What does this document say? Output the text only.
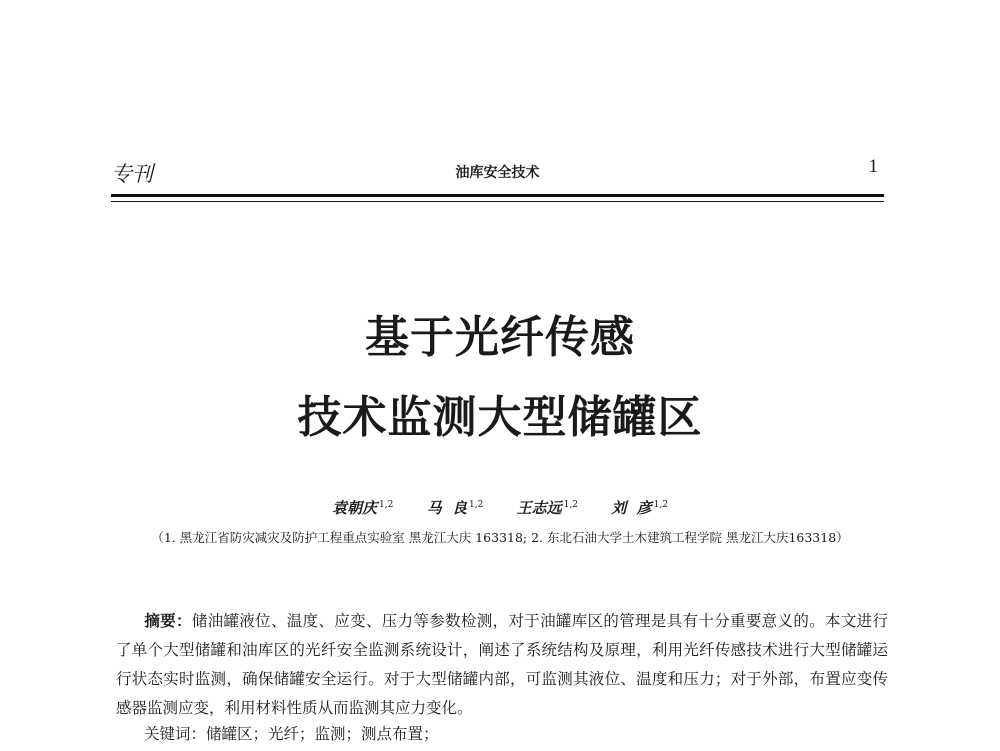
专刊	油库安全技术	1
基于光纤传感
技术监测大型储罐区
袁朝庆 $^{1,2}$ 马  良 $^{1,2}$ 王志远 $^{1,2}$ 刘  彦 $^{1,2}$
（1. 黑龙江省防灾减灾及防护工程重点实验室 黑龙江大庆 163318; 2. 东北石油大学土木建筑工程学院 黑龙江大庆163318）
摘要：储油罐液位、温度、应变、压力等参数检测，对于油罐库区的管理是具有十分重要意义的。本文进行了单个大型储罐和油库区的光纤安全监测系统设计，阐述了系统结构及原理，利用光纤传感技术进行大型储罐运行状态实时监测，确保储罐安全运行。对于大型储罐内部，可监测其液位、温度和压力；对于外部，布置应变传感器监测应变，利用材料性质从而监测其应力变化。
关键词：储罐区；光纤；监测；测点布置；
